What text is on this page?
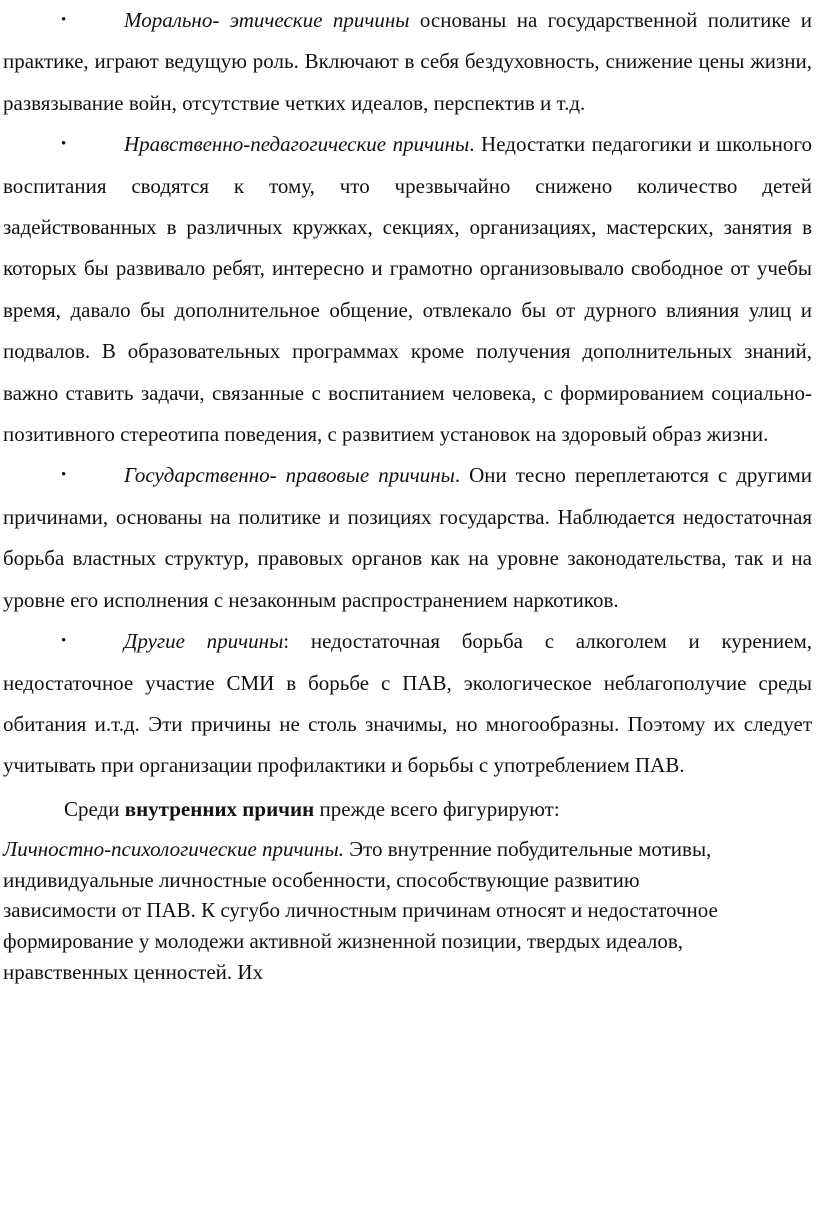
•	Морально- этические причины основаны на государственной политике и практике, играют ведущую роль. Включают в себя бездуховность, снижение цены жизни, развязывание войн, отсутствие четких идеалов, перспектив и т.д.

•	Нравственно-педагогические причины. Недостатки педагогики и школьного воспитания сводятся к тому, что чрезвычайно снижено количество детей задействованных в различных кружках, секциях, организациях, мастерских, занятия в которых бы развивало ребят, интересно и грамотно организовывало свободное от учебы время, давало бы дополнительное общение, отвлекало бы от дурного влияния улиц и подвалов. В образовательных программах кроме получения дополнительных знаний, важно ставить задачи, связанные с воспитанием человека, с формированием социально-позитивного стереотипа поведения, с развитием установок на здоровый образ жизни.

•	Государственно- правовые причины. Они тесно переплетаются с другими причинами, основаны на политике и позициях государства. Наблюдается недостаточная борьба властных структур, правовых органов как на уровне законодательства, так и на уровне его исполнения с незаконным распространением наркотиков.

•	Другие причины: недостаточная борьба с алкоголем и курением, недостаточное участие СМИ в борьбе с ПАВ, экологическое неблагополучие среды обитания и.т.д. Эти причины не столь значимы, но многообразны. Поэтому их следует учитывать при организации профилактики и борьбы с употреблением ПАВ.

Среди внутренних причин прежде всего фигурируют:

Личностно-психологические причины. Это внутренние побудительные мотивы, индивидуальные личностные особенности, способствующие развитию зависимости от ПАВ. К сугубо личностным причинам относят и недостаточное формирование у молодежи активной жизненной позиции, твердых идеалов, нравственных ценностей. Их
